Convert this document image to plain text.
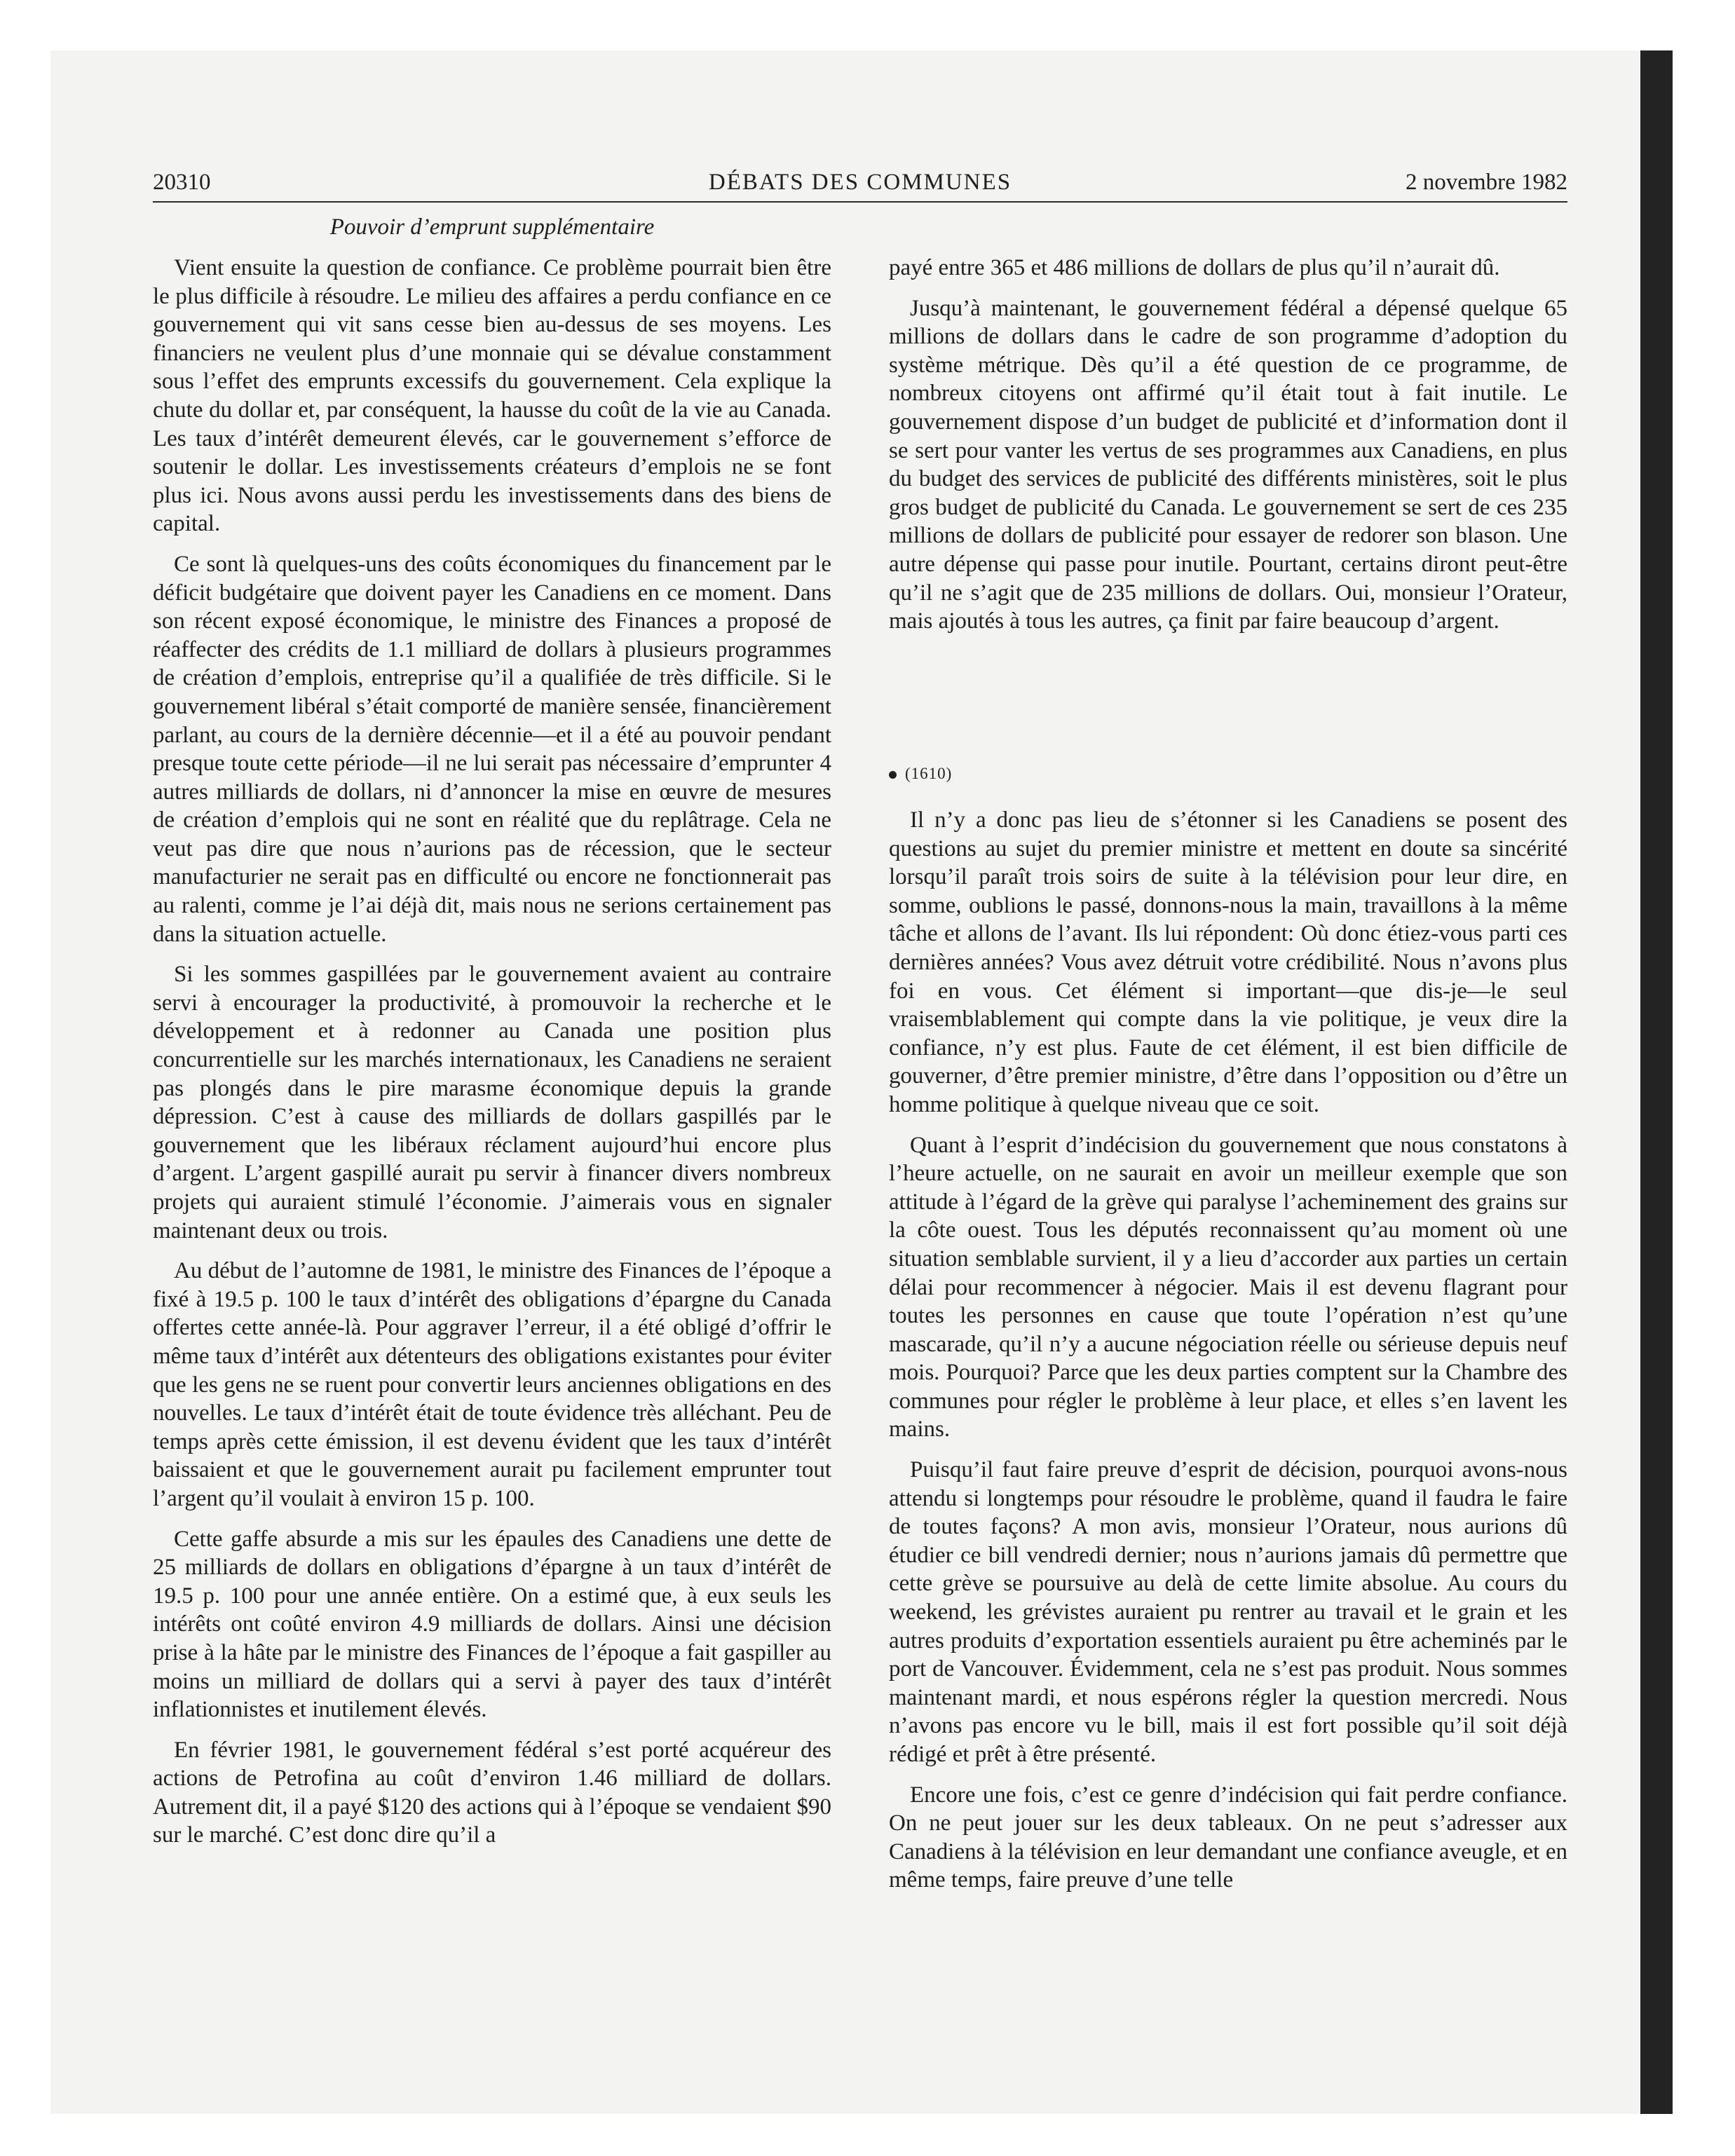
20310	DÉBATS DES COMMUNES	2 novembre 1982
Pouvoir d’emprunt supplémentaire

Vient ensuite la question de confiance. Ce problème pourrait bien être le plus difficile à résoudre. Le milieu des affaires a perdu confiance en ce gouvernement qui vit sans cesse bien au-dessus de ses moyens. Les financiers ne veulent plus d’une monnaie qui se dévalue constamment sous l’effet des emprunts excessifs du gouvernement. Cela explique la chute du dollar et, par conséquent, la hausse du coût de la vie au Canada. Les taux d’intérêt demeurent élevés, car le gouvernement s’efforce de soutenir le dollar. Les investissements créateurs d’emplois ne se font plus ici. Nous avons aussi perdu les investissements dans des biens de capital.

Ce sont là quelques-uns des coûts économiques du financement par le déficit budgétaire que doivent payer les Canadiens en ce moment. Dans son récent exposé économique, le ministre des Finances a proposé de réaffecter des crédits de 1.1 milliard de dollars à plusieurs programmes de création d’emplois, entreprise qu’il a qualifiée de très difficile. Si le gouvernement libéral s’était comporté de manière sensée, financièrement parlant, au cours de la dernière décennie—et il a été au pouvoir pendant presque toute cette période—il ne lui serait pas nécessaire d’emprunter 4 autres milliards de dollars, ni d’annoncer la mise en œuvre de mesures de création d’emplois qui ne sont en réalité que du replâtrage. Cela ne veut pas dire que nous n’aurions pas de récession, que le secteur manufacturier ne serait pas en difficulté ou encore ne fonctionnerait pas au ralenti, comme je l’ai déjà dit, mais nous ne serions certainement pas dans la situation actuelle.

Si les sommes gaspillées par le gouvernement avaient au contraire servi à encourager la productivité, à promouvoir la recherche et le développement et à redonner au Canada une position plus concurrentielle sur les marchés internationaux, les Canadiens ne seraient pas plongés dans le pire marasme économique depuis la grande dépression. C’est à cause des milliards de dollars gaspillés par le gouvernement que les libéraux réclament aujourd’hui encore plus d’argent. L’argent gaspillé aurait pu servir à financer divers nombreux projets qui auraient stimulé l’économie. J’aimerais vous en signaler maintenant deux ou trois.

Au début de l’automne de 1981, le ministre des Finances de l’époque a fixé à 19.5 p. 100 le taux d’intérêt des obligations d’épargne du Canada offertes cette année-là. Pour aggraver l’erreur, il a été obligé d’offrir le même taux d’intérêt aux détenteurs des obligations existantes pour éviter que les gens ne se ruent pour convertir leurs anciennes obligations en des nouvelles. Le taux d’intérêt était de toute évidence très alléchant. Peu de temps après cette émission, il est devenu évident que les taux d’intérêt baissaient et que le gouvernement aurait pu facilement emprunter tout l’argent qu’il voulait à environ 15 p. 100.

Cette gaffe absurde a mis sur les épaules des Canadiens une dette de 25 milliards de dollars en obligations d’épargne à un taux d’intérêt de 19.5 p. 100 pour une année entière. On a estimé que, à eux seuls les intérêts ont coûté environ 4.9 milliards de dollars. Ainsi une décision prise à la hâte par le ministre des Finances de l’époque a fait gaspiller au moins un milliard de dollars qui a servi à payer des taux d’intérêt inflationnistes et inutilement élevés.

En février 1981, le gouvernement fédéral s’est porté acquéreur des actions de Petrofina au coût d’environ 1.46 milliard de dollars. Autrement dit, il a payé $120 des actions qui à l’époque se vendaient $90 sur le marché. C’est donc dire qu’il a

payé entre 365 et 486 millions de dollars de plus qu’il n’aurait dû.

Jusqu’à maintenant, le gouvernement fédéral a dépensé quelque 65 millions de dollars dans le cadre de son programme d’adoption du système métrique. Dès qu’il a été question de ce programme, de nombreux citoyens ont affirmé qu’il était tout à fait inutile. Le gouvernement dispose d’un budget de publicité et d’information dont il se sert pour vanter les vertus de ses programmes aux Canadiens, en plus du budget des services de publicité des différents ministères, soit le plus gros budget de publicité du Canada. Le gouvernement se sert de ces 235 millions de dollars de publicité pour essayer de redorer son blason. Une autre dépense qui passe pour inutile. Pourtant, certains diront peut-être qu’il ne s’agit que de 235 millions de dollars. Oui, monsieur l’Orateur, mais ajoutés à tous les autres, ça finit par faire beaucoup d’argent.

(1610)

Il n’y a donc pas lieu de s’étonner si les Canadiens se posent des questions au sujet du premier ministre et mettent en doute sa sincérité lorsqu’il paraît trois soirs de suite à la télévision pour leur dire, en somme, oublions le passé, donnons-nous la main, travaillons à la même tâche et allons de l’avant. Ils lui répondent: Où donc étiez-vous parti ces dernières années? Vous avez détruit votre crédibilité. Nous n’avons plus foi en vous. Cet élément si important—que dis-je—le seul vraisemblablement qui compte dans la vie politique, je veux dire la confiance, n’y est plus. Faute de cet élément, il est bien difficile de gouverner, d’être premier ministre, d’être dans l’opposition ou d’être un homme politique à quelque niveau que ce soit.

Quant à l’esprit d’indécision du gouvernement que nous constatons à l’heure actuelle, on ne saurait en avoir un meilleur exemple que son attitude à l’égard de la grève qui paralyse l’acheminement des grains sur la côte ouest. Tous les députés reconnaissent qu’au moment où une situation semblable survient, il y a lieu d’accorder aux parties un certain délai pour recommencer à négocier. Mais il est devenu flagrant pour toutes les personnes en cause que toute l’opération n’est qu’une mascarade, qu’il n’y a aucune négociation réelle ou sérieuse depuis neuf mois. Pourquoi? Parce que les deux parties comptent sur la Chambre des communes pour régler le problème à leur place, et elles s’en lavent les mains.

Puisqu’il faut faire preuve d’esprit de décision, pourquoi avons-nous attendu si longtemps pour résoudre le problème, quand il faudra le faire de toutes façons? A mon avis, monsieur l’Orateur, nous aurions dû étudier ce bill vendredi dernier; nous n’aurions jamais dû permettre que cette grève se poursuive au delà de cette limite absolue. Au cours du weekend, les grévistes auraient pu rentrer au travail et le grain et les autres produits d’exportation essentiels auraient pu être acheminés par le port de Vancouver. Évidemment, cela ne s’est pas produit. Nous sommes maintenant mardi, et nous espérons régler la question mercredi. Nous n’avons pas encore vu le bill, mais il est fort possible qu’il soit déjà rédigé et prêt à être présenté.

Encore une fois, c’est ce genre d’indécision qui fait perdre confiance. On ne peut jouer sur les deux tableaux. On ne peut s’adresser aux Canadiens à la télévision en leur demandant une confiance aveugle, et en même temps, faire preuve d’une telle
